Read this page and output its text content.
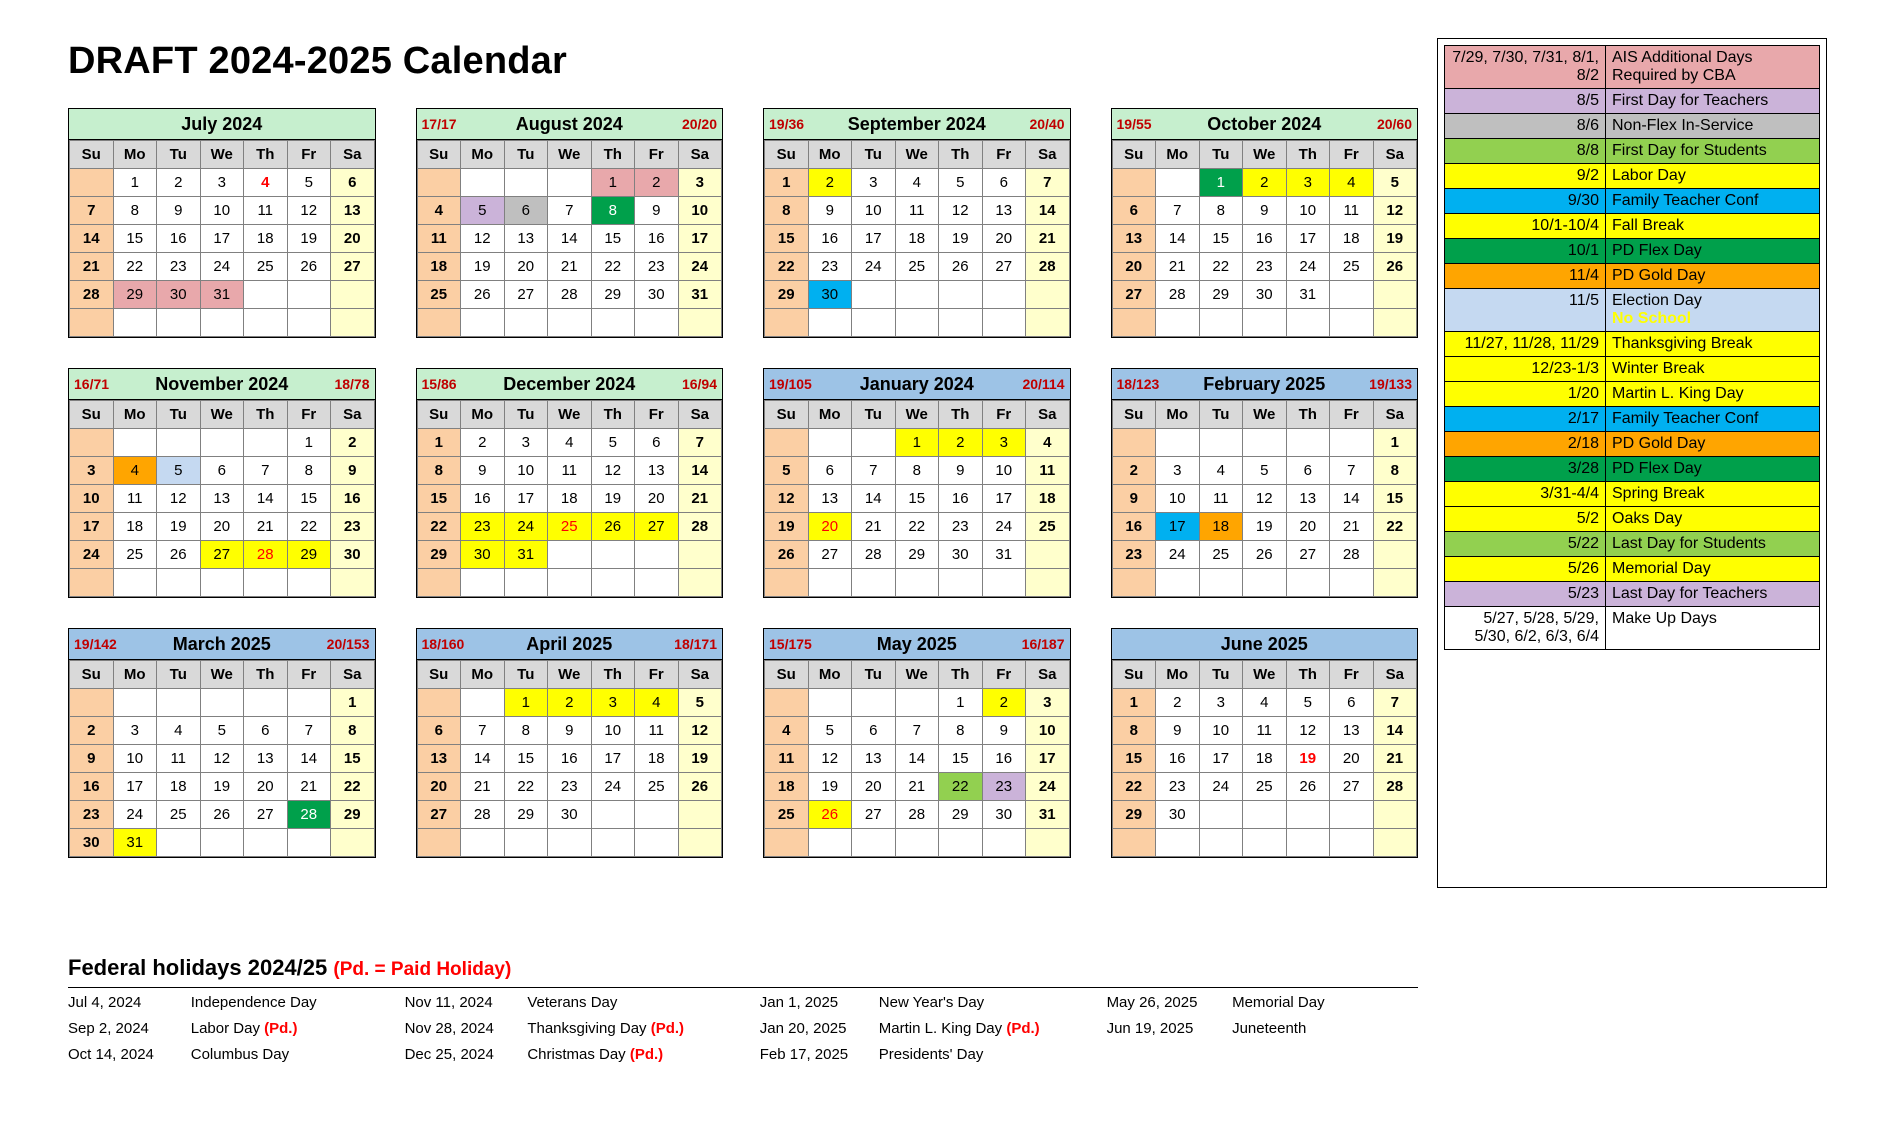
DRAFT 2024-2025 Calendar
July 2024
Su	Mo	Tu	We	Th	Fr	Sa
	1	2	3	4	5	6
7	8	9	10	11	12	13
14	15	16	17	18	19	20
21	22	23	24	25	26	27
28	29	30	31			

17/17	August 2024	20/20
Su	Mo	Tu	We	Th	Fr	Sa
				1	2	3
4	5	6	7	8	9	10
11	12	13	14	15	16	17
18	19	20	21	22	23	24
25	26	27	28	29	30	31

19/36 September 2024	20/40
Su	Mo	Tu	We	Th	Fr	Sa
1	2	3	4	5	6	7
8	9	10	11	12	13	14
15	16	17	18	19	20	21
22	23	24	25	26	27	28
29	30					

19/55	October 2024	20/60
Su	Mo	Tu	We	Th	Fr	Sa
		1	2	3	4	5
6	7	8	9	10	11	12
13	14	15	16	17	18	19
20	21	22	23	24	25	26
27	28	29	30	31		

16/71	November 2024	18/78
Su	Mo	Tu	We	Th	Fr	Sa
					1	2
3	4	5	6	7	8	9
10	11	12	13	14	15	16
17	18	19	20	21	22	23
24	25	26	27	28	29	30

15/86	December 2024	16/94
Su	Mo	Tu	We	Th	Fr	Sa
1	2	3	4	5	6	7
8	9	10	11	12	13	14
15	16	17	18	19	20	21
22	23	24	25	26	27	28
29	30	31				

19/105	January 2024	20/114
Su	Mo	Tu	We	Th	Fr	Sa
			1	2	3	4
5	6	7	8	9	10	11
12	13	14	15	16	17	18
19	20	21	22	23	24	25
26	27	28	29	30	31	

18/123 February 2025	19/133
Su	Mo	Tu	We	Th	Fr	Sa
						1
2	3	4	5	6	7	8
9	10	11	12	13	14	15
16	17	18	19	20	21	22
23	24	25	26	27	28	

19/142	March 2025	20/153
Su	Mo	Tu	We	Th	Fr	Sa
						1
2	3	4	5	6	7	8
9	10	11	12	13	14	15
16	17	18	19	20	21	22
23	24	25	26	27	28	29
30	31					
18/160	April 2025	18/171
Su	Mo	Tu	We	Th	Fr	Sa
		1	2	3	4	5
6	7	8	9	10	11	12
13	14	15	16	17	18	19
20	21	22	23	24	25	26
27	28	29	30			

15/175	May 2025	16/187
Su	Mo	Tu	We	Th	Fr	Sa
				1	2	3
4	5	6	7	8	9	10
11	12	13	14	15	16	17
18	19	20	21	22	23	24
25	26	27	28	29	30	31

June 2025
Su	Mo	Tu	We	Th	Fr	Sa
1	2	3	4	5	6	7
8	9	10	11	12	13	14
15	16	17	18	19	20	21
22	23	24	25	26	27	28
29	30					

Federal holidays 2024/25 (Pd. = Paid Holiday)
Jul 4, 2024	Independence Day	Nov 11, 2024	Veterans Day	Jan 1, 2025	New Year's Day	May 26, 2025	Memorial Day
Sep 2, 2024	Labor Day (Pd.)	Nov 28, 2024	Thanksgiving Day (Pd.)	Jan 20, 2025	Martin L. King Day (Pd.)	Jun 19, 2025	Juneteenth
Oct 14, 2024	Columbus Day	Dec 25, 2024	Christmas Day (Pd.)	Feb 17, 2025	Presidents' Day
7/29, 7/30, 7/31, 8/1, 8/2	AIS Additional Days Required by CBA
8/5	First Day for Teachers
8/6	Non-Flex In-Service
8/8	First Day for Students
9/2	Labor Day
9/30	Family Teacher Conf
10/1-10/4	Fall Break
10/1	PD Flex Day
11/4	PD Gold Day
11/5	Election Day
No School
11/27, 11/28, 11/29	Thanksgiving Break
12/23-1/3	Winter Break
1/20	Martin L. King Day
2/17	Family Teacher Conf
2/18	PD Gold Day
3/28	PD Flex Day
3/31-4/4	Spring Break
5/2	Oaks Day
5/22	Last Day for Students
5/26	Memorial Day
5/23	Last Day for Teachers
5/27, 5/28, 5/29, 5/30, 6/2, 6/3, 6/4	Make Up Days
